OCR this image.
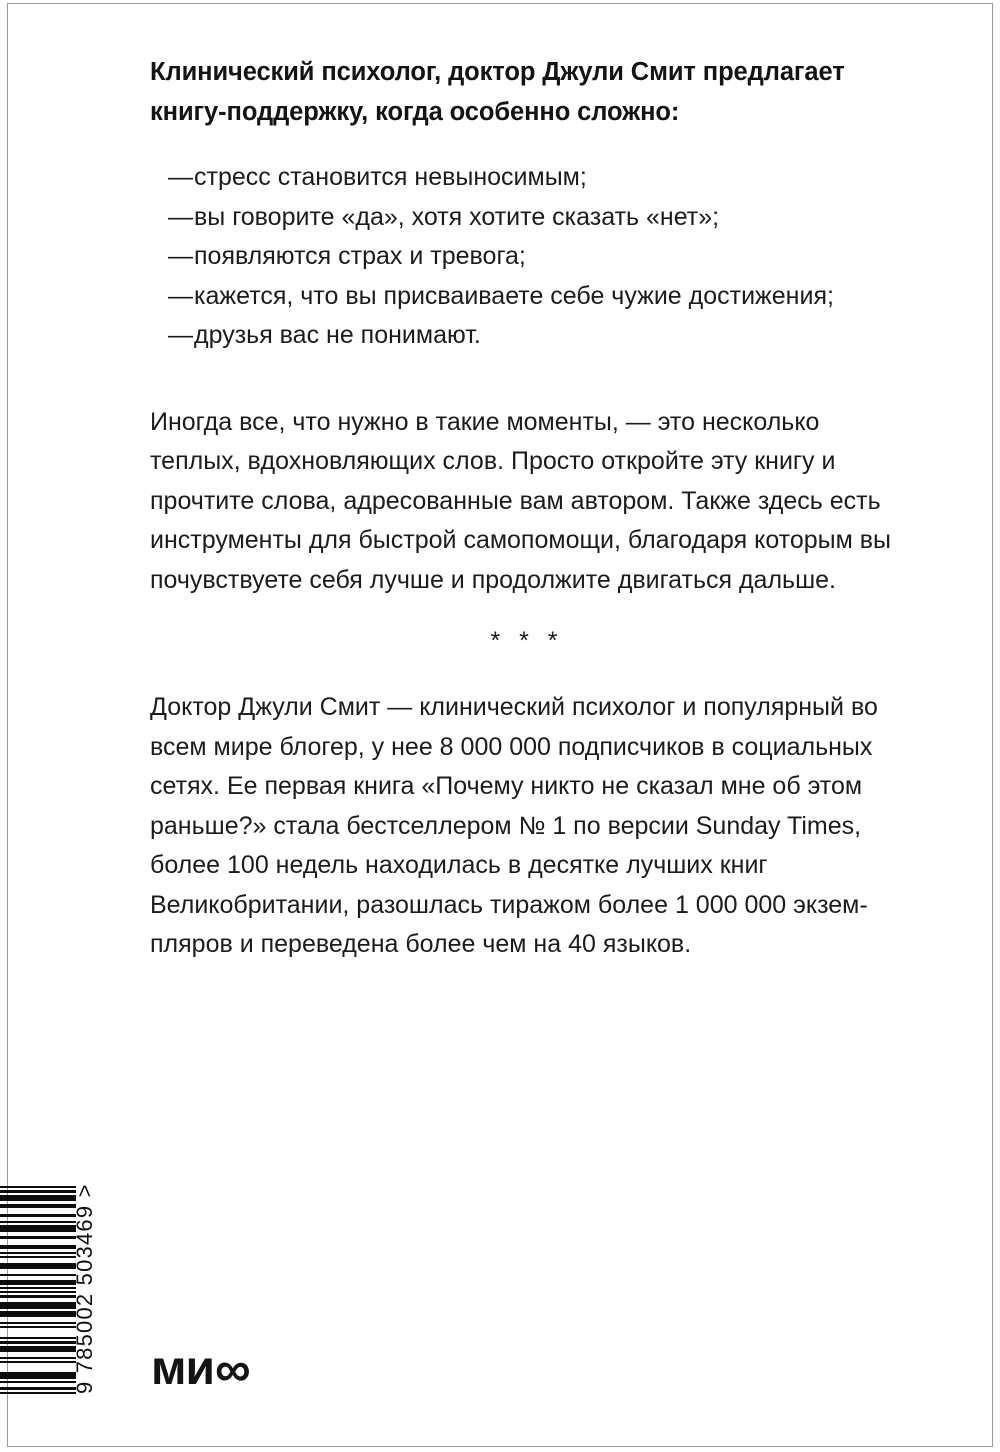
Клинический психолог, доктор Джули Смит предлагает книгу-поддержку, когда особенно сложно:
— стресс становится невыносимым;
— вы говорите «да», хотя хотите сказать «нет»;
— появляются страх и тревога;
— кажется, что вы присваиваете себе чужие достижения;
— друзья вас не понимают.

Иногда все, что нужно в такие моменты, — это несколько теплых, вдохновляющих слов. Просто откройте эту книгу и прочтите слова, адресованные вам автором. Также здесь есть инструменты для быстрой самопомощи, благодаря которым вы почувствуете себя лучше и продолжите двигаться дальше.

* * *

Доктор Джули Смит — клинический психолог и популярный во всем мире блогер, у нее 8 000 000 подписчиков в социальных сетях. Ее первая книга «Почему никто не сказал мне об этом раньше?» стала бестселлером № 1 по версии Sunday Times, более 100 недель находилась в десятке лучших книг Великобритании, разошлась тиражом более 1 000 000 экземпляров и переведена более чем на 40 языков.

9 785002 503469 > ми ∞
